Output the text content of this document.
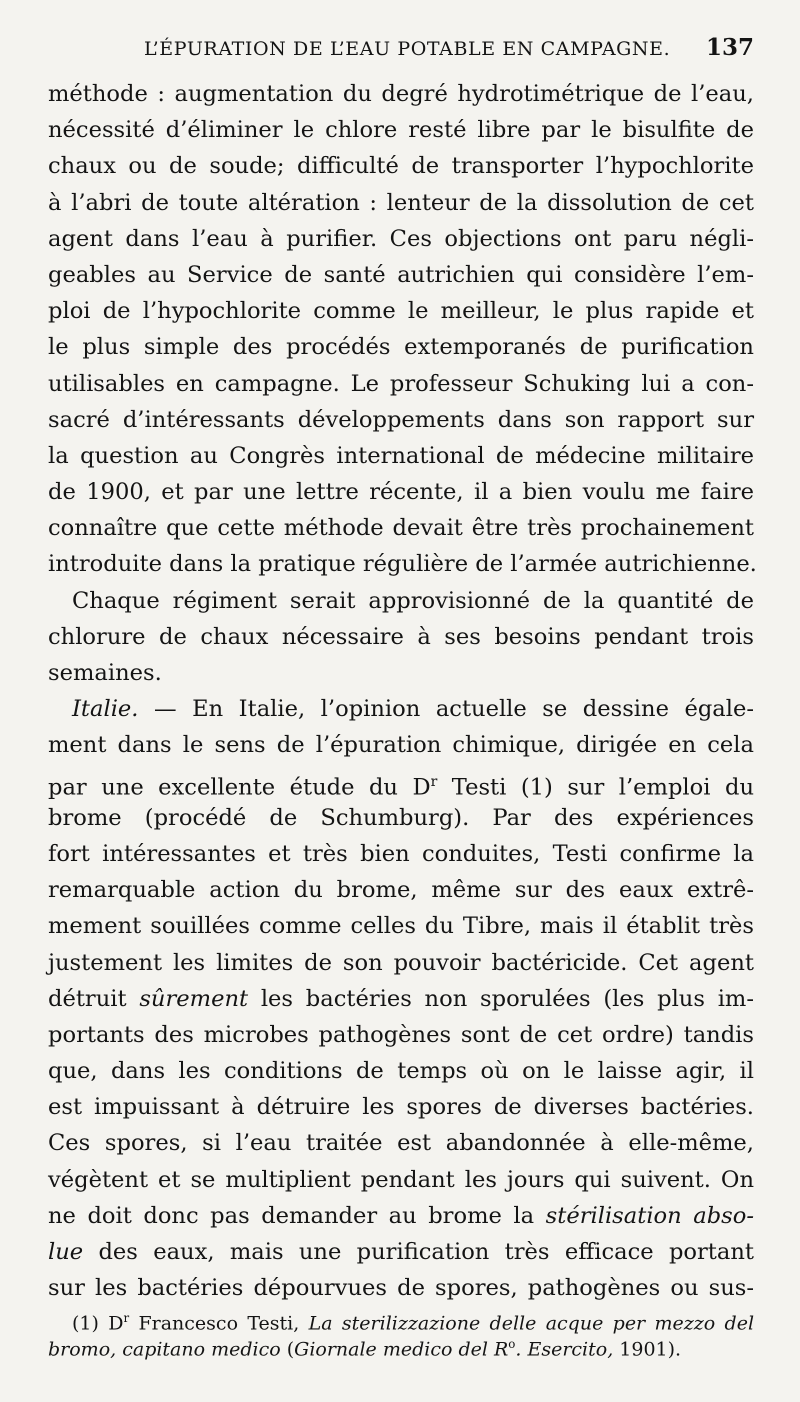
L’ÉPURATION DE L’EAU POTABLE EN CAMPAGNE. 137
méthode : augmentation du degré hydrotimétrique de l’eau,
nécessité d’éliminer le chlore resté libre par le bisulfite de
chaux ou de soude; difficulté de transporter l’hypochlorite
à l’abri de toute altération : lenteur de la dissolution de cet
agent dans l’eau à purifier. Ces objections ont paru négli-
geables au Service de santé autrichien qui considère l’em-
ploi de l’hypochlorite comme le meilleur, le plus rapide et
le plus simple des procédés extemporanés de purification
utilisables en campagne. Le professeur Schuking lui a con-
sacré d’intéressants développements dans son rapport sur
la question au Congrès international de médecine militaire
de 1900, et par une lettre récente, il a bien voulu me faire
connaître que cette méthode devait être très prochainement
introduite dans la pratique régulière de l’armée autrichienne.
Chaque régiment serait approvisionné de la quantité de
chlorure de chaux nécessaire à ses besoins pendant trois
semaines.
Italie. — En Italie, l’opinion actuelle se dessine égale-
ment dans le sens de l’épuration chimique, dirigée en cela
par une excellente étude du $D^r$ Testi (1) sur l’emploi du
brome (procédé de Schumburg). Par des expériences
fort intéressantes et très bien conduites, Testi confirme la
remarquable action du brome, même sur des eaux extrê-
mement souillées comme celles du Tibre, mais il établit très
justement les limites de son pouvoir bactéricide. Cet agent
détruit sûrement les bactéries non sporulées (les plus im-
portants des microbes pathogènes sont de cet ordre) tandis
que, dans les conditions de temps où on le laisse agir, il
est impuissant à détruire les spores de diverses bactéries.
Ces spores, si l’eau traitée est abandonnée à elle-même,
végètent et se multiplient pendant les jours qui suivent. On
ne doit donc pas demander au brome la stérilisation abso-
lue des eaux, mais une purification très efficace portant
sur les bactéries dépourvues de spores, pathogènes ou sus-
(1) $D^r$ Francesco Testi, La sterilizzazione delle acque per mezzo del
bromo, capitano medico (Giornale medico del $R^o$. Esercito, 1901).
